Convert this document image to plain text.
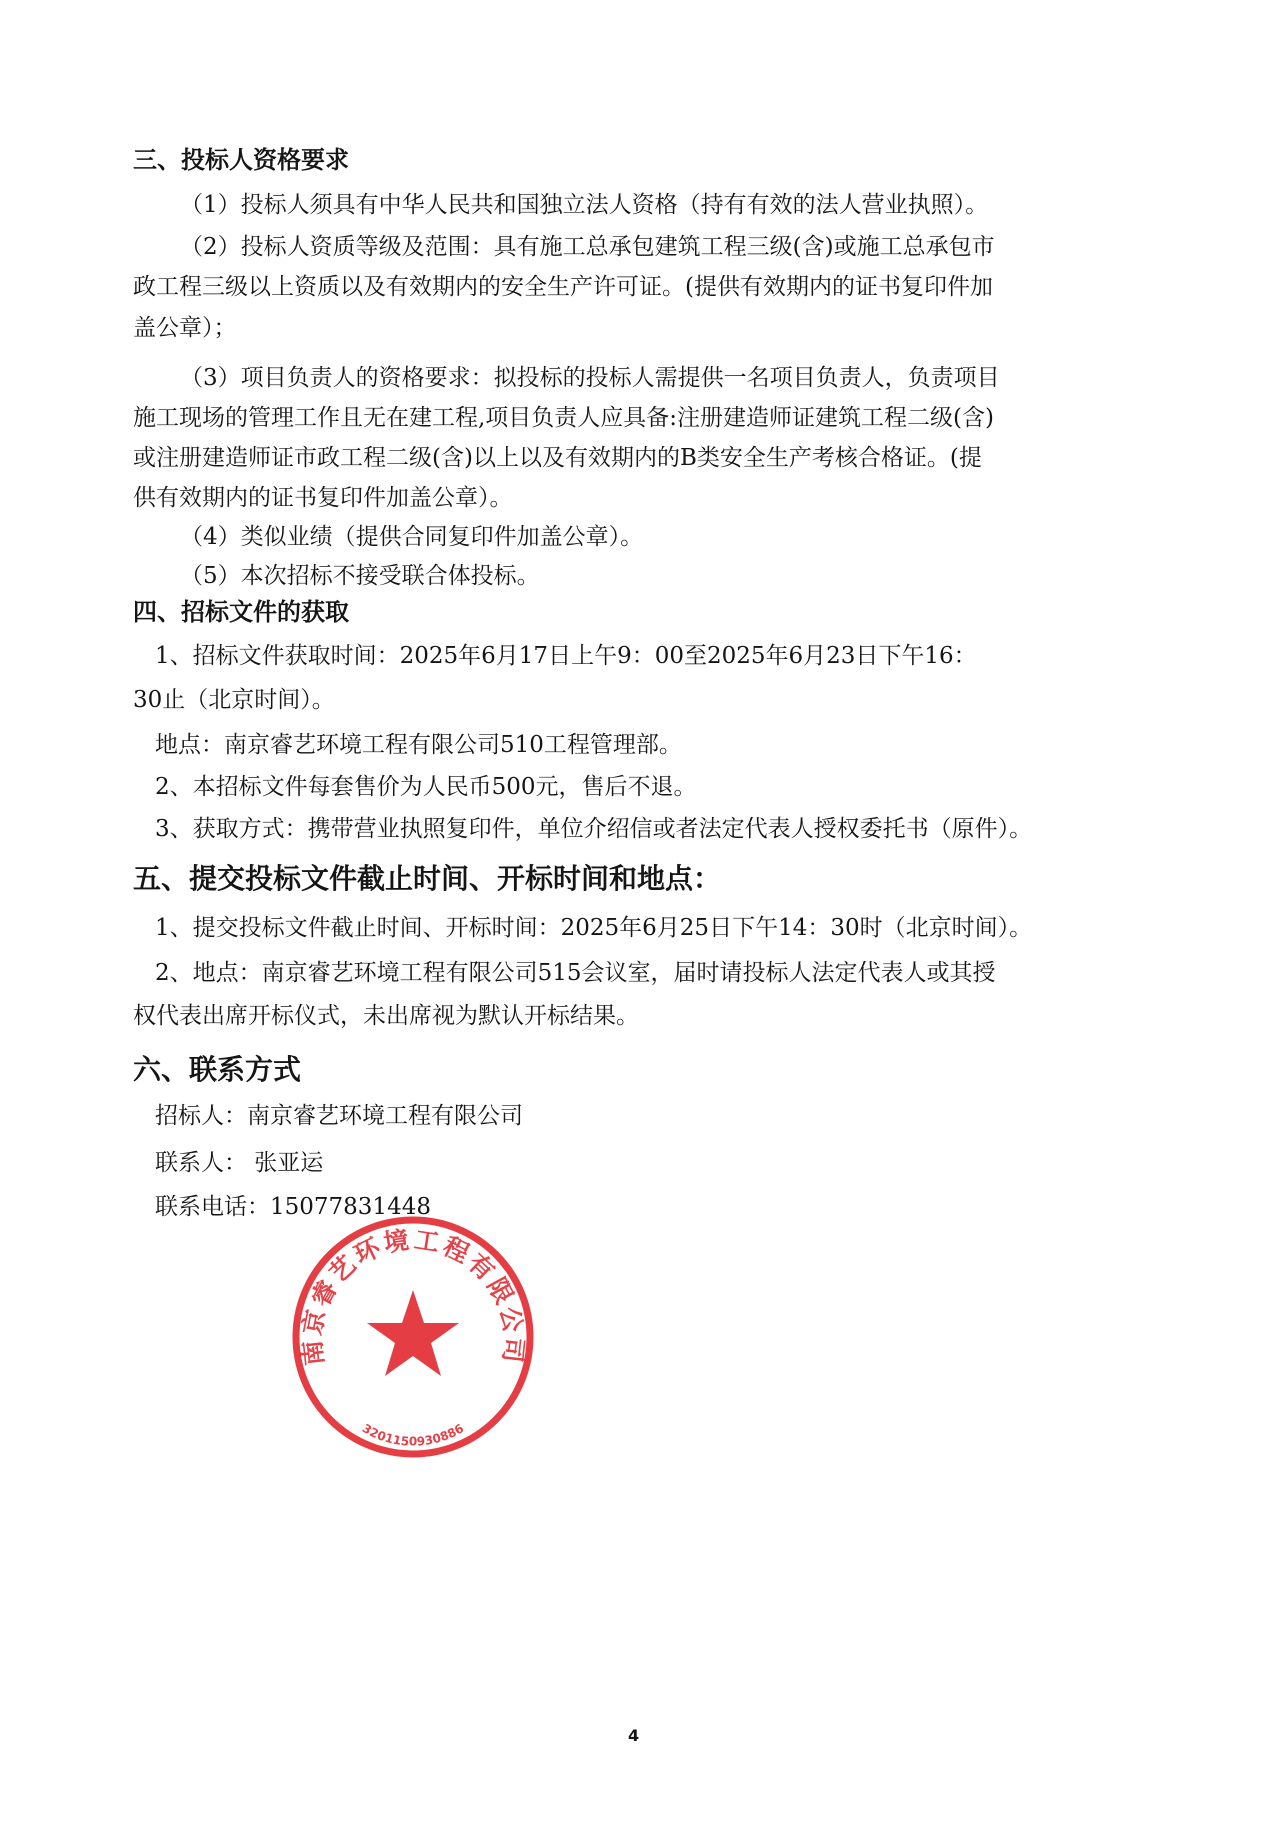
三、投标人资格要求
（1）投标人须具有中华人民共和国独立法人资格（持有有效的法人营业执照）。
（2）投标人资质等级及范围：具有施工总承包建筑工程三级(含)或施工总承包市
政工程三级以上资质以及有效期内的安全生产许可证。(提供有效期内的证书复印件加
盖公章）；
（3）项目负责人的资格要求：拟投标的投标人需提供一名项目负责人，负责项目
施工现场的管理工作且无在建工程,项目负责人应具备:注册建造师证建筑工程二级(含)
或注册建造师证市政工程二级(含)以上以及有效期内的B类安全生产考核合格证。(提
供有效期内的证书复印件加盖公章）。
（4）类似业绩（提供合同复印件加盖公章）。
（5）本次招标不接受联合体投标。
四、招标文件的获取
1、招标文件获取时间：2025年6月17日上午9：00至2025年6月23日下午16：
30止（北京时间）。
地点：南京睿艺环境工程有限公司510工程管理部。
2、本招标文件每套售价为人民币500元，售后不退。
3、获取方式：携带营业执照复印件，单位介绍信或者法定代表人授权委托书（原件）。
五、提交投标文件截止时间、开标时间和地点：
1、提交投标文件截止时间、开标时间：2025年6月25日下午14：30时（北京时间）。
2、地点：南京睿艺环境工程有限公司515会议室，届时请投标人法定代表人或其授
权代表出席开标仪式，未出席视为默认开标结果。
六、联系方式
招标人：南京睿艺环境工程有限公司
联系人： 张亚运
联系电话：15077831448
南京睿艺环境工程有限公司
3201150930886
4
